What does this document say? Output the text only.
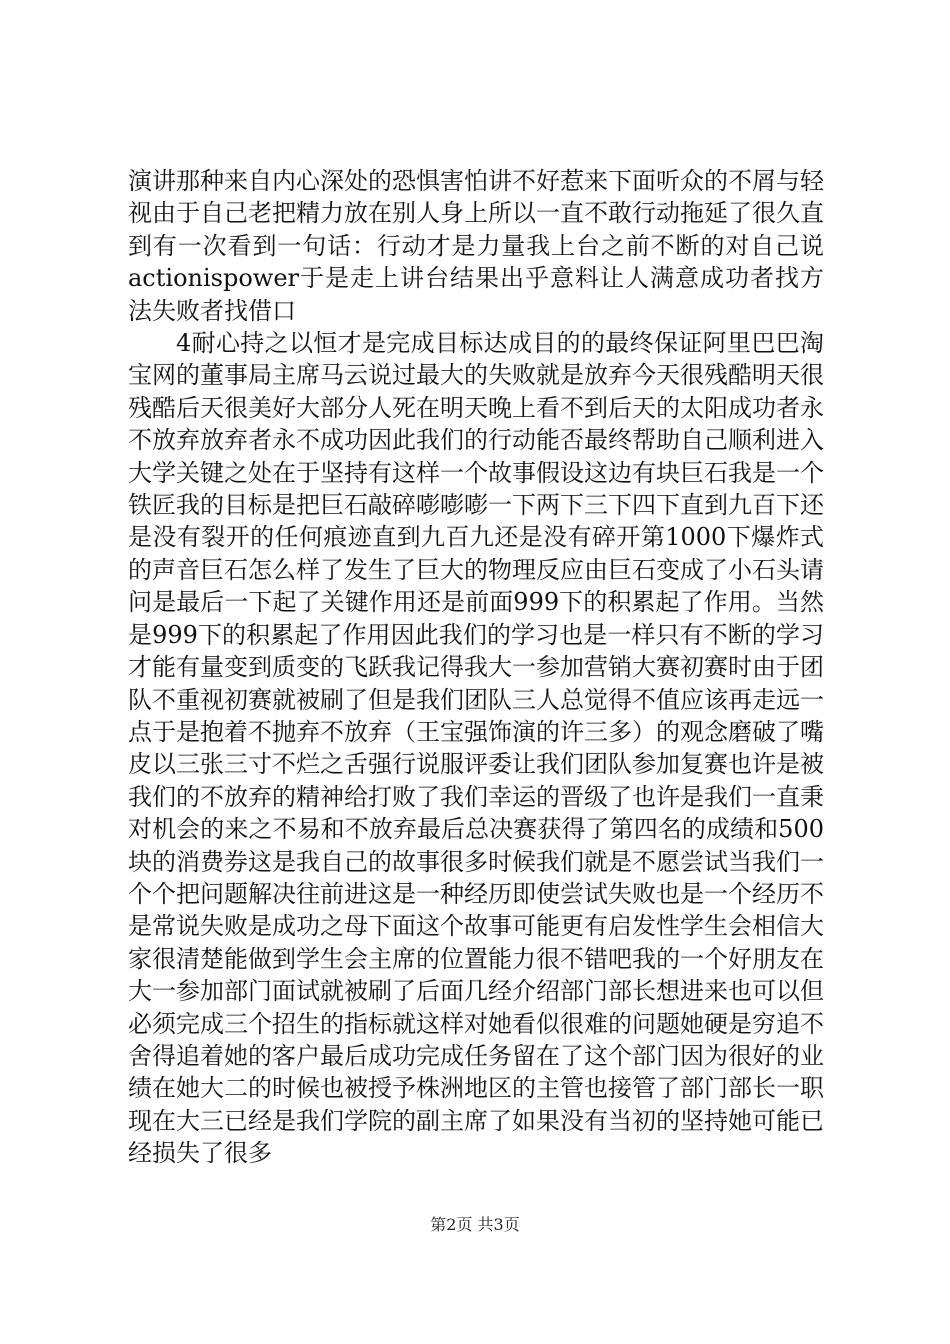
演讲那种来自内心深处的恐惧害怕讲不好惹来下面听众的不屑与轻视由于自己老把精力放在别人身上所以一直不敢行动拖延了很久直到有一次看到一句话：行动才是力量我上台之前不断的对自己说actionispower于是走上讲台结果出乎意料让人满意成功者找方法失败者找借口

4耐心持之以恒才是完成目标达成目的的最终保证阿里巴巴淘宝网的董事局主席马云说过最大的失败就是放弃今天很残酷明天很残酷后天很美好大部分人死在明天晚上看不到后天的太阳成功者永不放弃放弃者永不成功因此我们的行动能否最终帮助自己顺利进入大学关键之处在于坚持有这样一个故事假设这边有块巨石我是一个铁匠我的目标是把巨石敲碎嘭嘭嘭一下两下三下四下直到九百下还是没有裂开的任何痕迹直到九百九还是没有碎开第1000下爆炸式的声音巨石怎么样了发生了巨大的物理反应由巨石变成了小石头请问是最后一下起了关键作用还是前面999下的积累起了作用。当然是999下的积累起了作用因此我们的学习也是一样只有不断的学习才能有量变到质变的飞跃我记得我大一参加营销大赛初赛时由于团队不重视初赛就被刷了但是我们团队三人总觉得不值应该再走远一点于是抱着不抛弃不放弃（王宝强饰演的许三多）的观念磨破了嘴皮以三张三寸不烂之舌强行说服评委让我们团队参加复赛也许是被我们的不放弃的精神给打败了我们幸运的晋级了也许是我们一直秉对机会的来之不易和不放弃最后总决赛获得了第四名的成绩和500块的消费券这是我自己的故事很多时候我们就是不愿尝试当我们一个个把问题解决往前进这是一种经历即使尝试失败也是一个经历不是常说失败是成功之母下面这个故事可能更有启发性学生会相信大家很清楚能做到学生会主席的位置能力很不错吧我的一个好朋友在大一参加部门面试就被刷了后面几经介绍部门部长想进来也可以但必须完成三个招生的指标就这样对她看似很难的问题她硬是穷追不舍得追着她的客户最后成功完成任务留在了这个部门因为很好的业绩在她大二的时候也被授予株洲地区的主管也接管了部门部长一职现在大三已经是我们学院的副主席了如果没有当初的坚持她可能已经损失了很多

第2页 共3页
